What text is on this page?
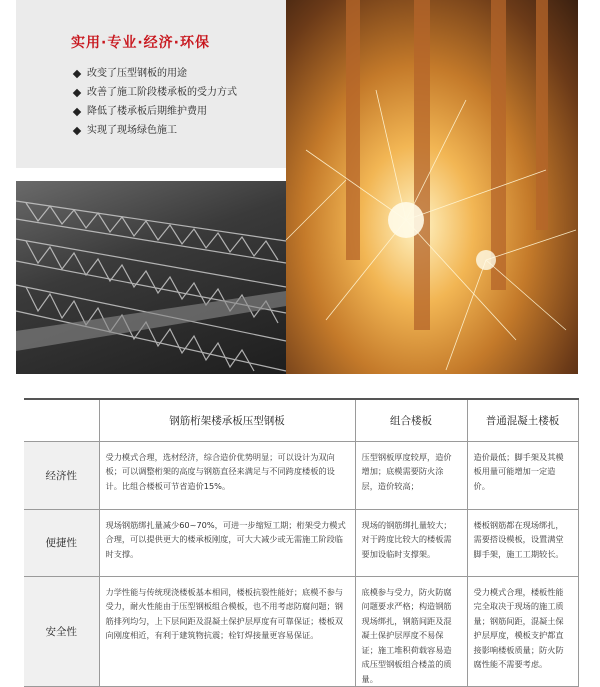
实用·专业·经济·环保
改变了压型钢板的用途
改善了施工阶段楼承板的受力方式
降低了楼承板后期维护费用
实现了现场绿色施工
	钢筋桁架楼承板压型钢板	组合楼板	普通混凝土楼板
经济性	受力模式合理，选材经济，综合造价优势明显；可以设计为双向板；可以调整桁架的高度与钢筋直径来满足与不同跨度楼板的设计。比组合楼板可节省造价15%。	压型钢板厚度较厚，造价增加；底模需要防火涂层，造价较高；	造价最低；脚手架及其模板用量可能增加一定造价。
便捷性	现场钢筋绑扎量减少60~70%，可进一步缩短工期；桁架受力模式合理，可以提供更大的楼承板刚度，可大大减少或无需施工阶段临时支撑。	现场的钢筋绑扎量较大；对于跨度比较大的楼板需要加设临时支撑架。	楼板钢筋都在现场绑扎，需要搭设模板，设置满堂脚手架，施工工期较长。
安全性	力学性能与传统现浇楼板基本相同，楼板抗裂性能好；底模不参与受力，耐火性能由于压型钢板组合模板，也不用考虑防腐问题；钢筋排列均匀，上下层间距及混凝土保护层厚度有可靠保证；楼板双向刚度相近，有利于建筑物抗震；栓钉焊接量更容易保证。	底模参与受力，防火防腐问题要求严格；构造钢筋现场绑扎，钢筋间距及混凝土保护层厚度不易保证；施工堆积荷载容易造成压型钢板组合楼盖的质量。	受力模式合理，楼板性能完全取决于现场的施工质量；钢筋间距，混凝土保护层厚度，模板支护都直接影响楼板质量；防火防腐性能不需要考虑。
